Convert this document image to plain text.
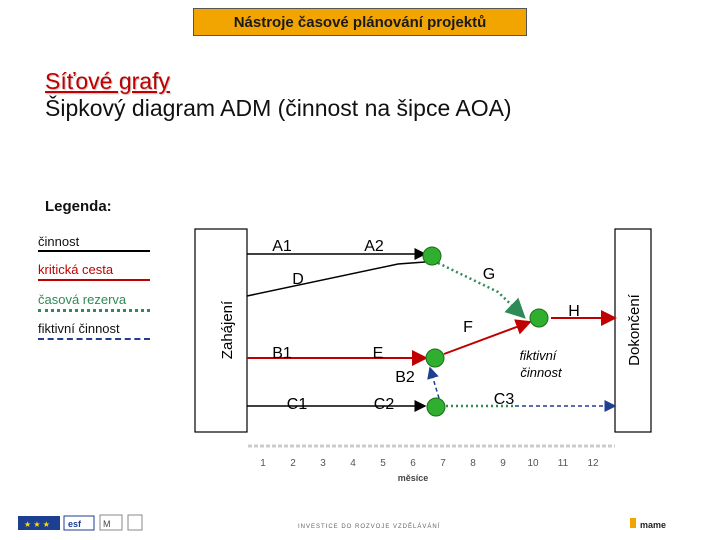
Nástroje časové plánování projektů
Síťové grafy
Šipkový diagram ADM (činnost na šipce AOA)
Legenda:
činnost
kritická cesta
časová rezerva
fiktivní činnost	Zahájení	Dokončení
A1	A2
D	G
H
F
B1	E
B2
C1	C2	C3
fiktivní
činnost
1 2 3 4 5 6 7 8 9 10 11 12
měsíce
★ ★ ★ esf M	INVESTICE DO ROZVOJE VZDĚLÁVÁNÍ	mame
